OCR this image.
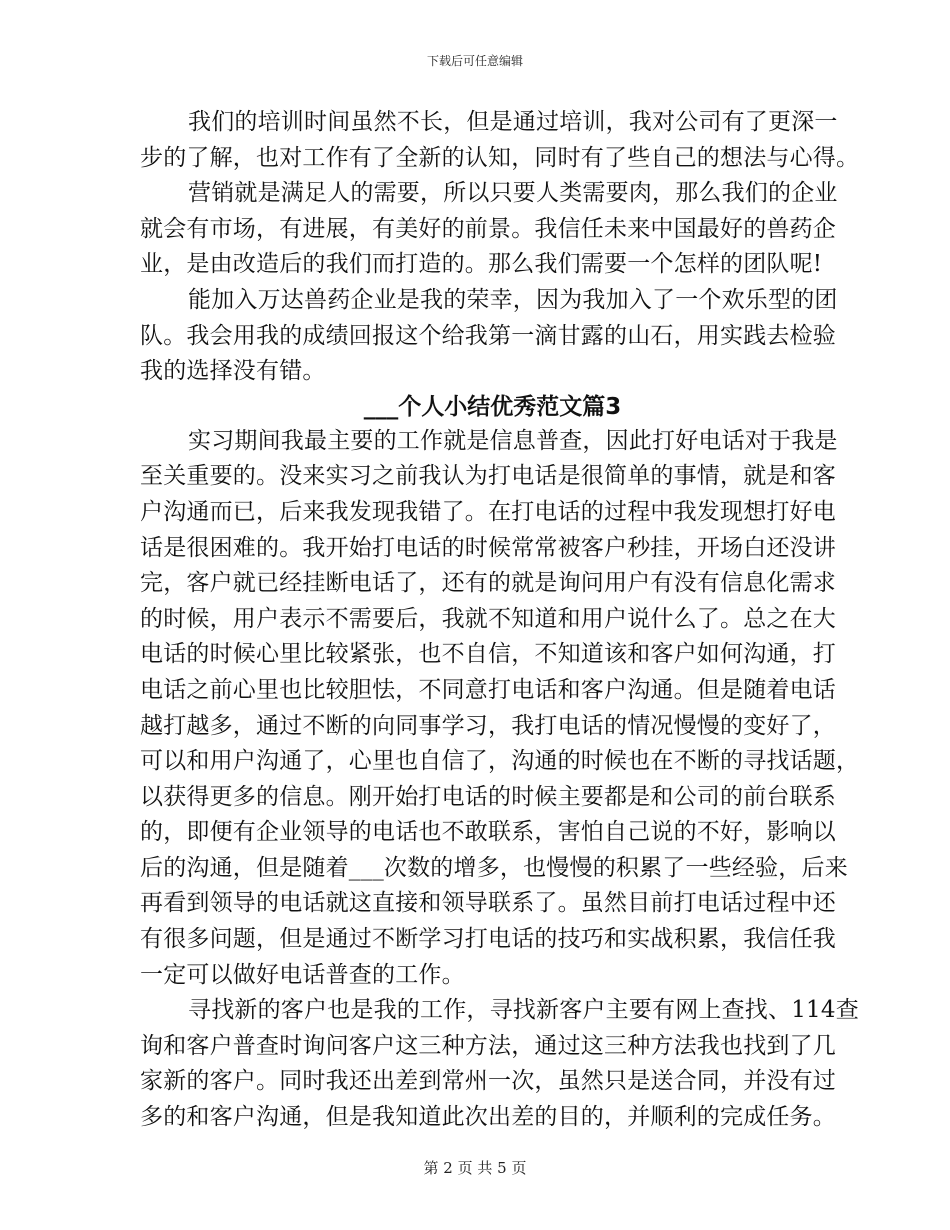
下载后可任意编辑
我们的培训时间虽然不长，但是通过培训，我对公司有了更深一
步的了解，也对工作有了全新的认知，同时有了些自己的想法与心得。
营销就是满足人的需要，所以只要人类需要肉，那么我们的企业
就会有市场，有进展，有美好的前景。我信任未来中国最好的兽药企
业，是由改造后的我们而打造的。那么我们需要一个怎样的团队呢!
能加入万达兽药企业是我的荣幸，因为我加入了一个欢乐型的团
队。我会用我的成绩回报这个给我第一滴甘露的山石，用实践去检验
我的选择没有错。
___个人小结优秀范文篇3
实习期间我最主要的工作就是信息普查，因此打好电话对于我是
至关重要的。没来实习之前我认为打电话是很简单的事情，就是和客
户沟通而已，后来我发现我错了。在打电话的过程中我发现想打好电
话是很困难的。我开始打电话的时候常常被客户秒挂，开场白还没讲
完，客户就已经挂断电话了，还有的就是询问用户有没有信息化需求
的时候，用户表示不需要后，我就不知道和用户说什么了。总之在大
电话的时候心里比较紧张，也不自信，不知道该和客户如何沟通，打
电话之前心里也比较胆怯，不同意打电话和客户沟通。但是随着电话
越打越多，通过不断的向同事学习，我打电话的情况慢慢的变好了，
可以和用户沟通了，心里也自信了，沟通的时候也在不断的寻找话题，
以获得更多的信息。刚开始打电话的时候主要都是和公司的前台联系
的，即便有企业领导的电话也不敢联系，害怕自己说的不好，影响以
后的沟通，但是随着___次数的增多，也慢慢的积累了一些经验，后来
再看到领导的电话就这直接和领导联系了。虽然目前打电话过程中还
有很多问题，但是通过不断学习打电话的技巧和实战积累，我信任我
一定可以做好电话普查的工作。
寻找新的客户也是我的工作，寻找新客户主要有网上查找、114查
询和客户普查时询问客户这三种方法，通过这三种方法我也找到了几
家新的客户。同时我还出差到常州一次，虽然只是送合同，并没有过
多的和客户沟通，但是我知道此次出差的目的，并顺利的完成任务。
第 2 页 共 5 页
